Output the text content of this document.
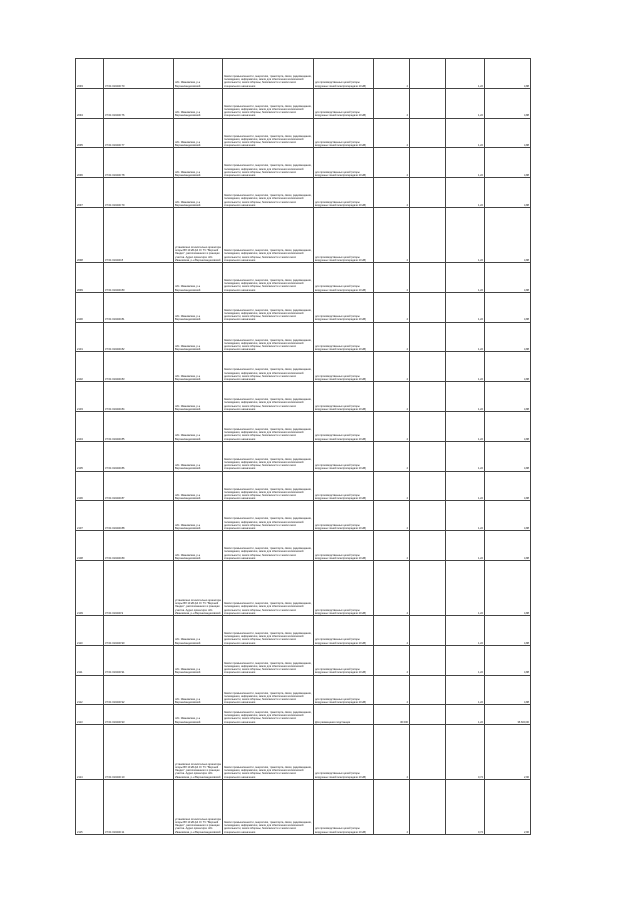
2093	37:01:010446:70	обл. Ивановская, р-н Верхнеландеховский	Земли промышленности, энергетики, транспорта, связи, радиовещания, телевидения, информатики, земли для обеспечения космической деятельности, земли обороны, безопасности и земли иного специального назначения	для производственных целей (опоры воздушных линий электропередачи 10 кВ)	4		1,22	4,88
2094	37:01:010446:76	обл. Ивановская, р-н Верхнеландеховский	Земли промышленности, энергетики, транспорта, связи, радиовещания, телевидения, информатики, земли для обеспечения космической деятельности, земли обороны, безопасности и земли иного специального назначения	для производственных целей (опоры воздушных линий электропередачи 10 кВ)	4		1,22	4,88
2095	37:01:010446:77	обл. Ивановская, р-н Верхнеландеховский	Земли промышленности, энергетики, транспорта, связи, радиовещания, телевидения, информатики, земли для обеспечения космической деятельности, земли обороны, безопасности и земли иного специального назначения	для производственных целей (опоры воздушных линий электропередачи 10 кВ)	4		1,22	4,88
2096	37:01:010446:78	обл. Ивановская, р-н Верхнеландеховский	Земли промышленности, энергетики, транспорта, связи, радиовещания, телевидения, информатики, земли для обеспечения космической деятельности, земли обороны, безопасности и земли иного специального назначения	для производственных целей (опоры воздушных линий электропередачи 10 кВ)	4		1,22	4,88
2097	37:01:010446:79	обл. Ивановская, р-н Верхнеландеховский	Земли промышленности, энергетики, транспорта, связи, радиовещания, телевидения, информатики, земли для обеспечения космической деятельности, земли обороны, безопасности и земли иного специального назначения	для производственных целей (опоры воздушных линий электропередачи 10 кВ)	4		1,22	4,88
2098	37:01:010446:8	установлено относительно ориентира опоры ВЛ 10 кВ ф4 От ТС "Верхний Ландех", расположенного в границах участка. Адрес ориентира: обл. Ивановская, р-н Верхнеландеховский	Земли промышленности, энергетики, транспорта, связи, радиовещания, телевидения, информатики, земли для обеспечения космической деятельности, земли обороны, безопасности и земли иного специального назначения	для производственных целей (опоры воздушных линий электропередачи 10 кВ)	4		1,22	4,88
2099	37:01:010446:80	обл. Ивановская, р-н Верхнеландеховский	Земли промышленности, энергетики, транспорта, связи, радиовещания, телевидения, информатики, земли для обеспечения космической деятельности, земли обороны, безопасности и земли иного специального назначения	для производственных целей (опоры воздушных линий электропередачи 10 кВ)	4		1,22	4,88
2100	37:01:010446:81	обл. Ивановская, р-н Верхнеландеховский	Земли промышленности, энергетики, транспорта, связи, радиовещания, телевидения, информатики, земли для обеспечения космической деятельности, земли обороны, безопасности и земли иного специального назначения	для производственных целей (опоры воздушных линий электропередачи 10 кВ)	4		1,22	4,88
2101	37:01:010446:82	обл. Ивановская, р-н Верхнеландеховский	Земли промышленности, энергетики, транспорта, связи, радиовещания, телевидения, информатики, земли для обеспечения космической деятельности, земли обороны, безопасности и земли иного специального назначения	для производственных целей (опоры воздушных линий электропередачи 10 кВ)	4		1,22	4,88
2102	37:01:010446:83	обл. Ивановская, р-н Верхнеландеховский	Земли промышленности, энергетики, транспорта, связи, радиовещания, телевидения, информатики, земли для обеспечения космической деятельности, земли обороны, безопасности и земли иного специального назначения	для производственных целей (опоры воздушных линий электропередачи 10 кВ)	4		1,22	4,88
2103	37:01:010446:84	обл. Ивановская, р-н Верхнеландеховский	Земли промышленности, энергетики, транспорта, связи, радиовещания, телевидения, информатики, земли для обеспечения космической деятельности, земли обороны, безопасности и земли иного специального назначения	для производственных целей (опоры воздушных линий электропередачи 10 кВ)	4		1,22	4,88
2104	37:01:010446:85	обл. Ивановская, р-н Верхнеландеховский	Земли промышленности, энергетики, транспорта, связи, радиовещания, телевидения, информатики, земли для обеспечения космической деятельности, земли обороны, безопасности и земли иного специального назначения	для производственных целей (опоры воздушных линий электропередачи 10 кВ)	4		1,22	4,88
2105	37:01:010446:86	обл. Ивановская, р-н Верхнеландеховский	Земли промышленности, энергетики, транспорта, связи, радиовещания, телевидения, информатики, земли для обеспечения космической деятельности, земли обороны, безопасности и земли иного специального назначения	для производственных целей (опоры воздушных линий электропередачи 10 кВ)	4		1,22	4,88
2106	37:01:010446:87	обл. Ивановская, р-н Верхнеландеховский	Земли промышленности, энергетики, транспорта, связи, радиовещания, телевидения, информатики, земли для обеспечения космической деятельности, земли обороны, безопасности и земли иного специального назначения	для производственных целей (опоры воздушных линий электропередачи 10 кВ)	4		1,22	4,88
2107	37:01:010446:88	обл. Ивановская, р-н Верхнеландеховский	Земли промышленности, энергетики, транспорта, связи, радиовещания, телевидения, информатики, земли для обеспечения космической деятельности, земли обороны, безопасности и земли иного специального назначения	для производственных целей (опоры воздушных линий электропередачи 10 кВ)	4		1,22	4,88
2108	37:01:010446:89	обл. Ивановская, р-н Верхнеландеховский	Земли промышленности, энергетики, транспорта, связи, радиовещания, телевидения, информатики, земли для обеспечения космической деятельности, земли обороны, безопасности и земли иного специального назначения	для производственных целей (опоры воздушных линий электропередачи 10 кВ)	4		1,22	4,88
2109	37:01:010446:9	установлено относительно ориентира опоры ВЛ 10 кВ ф4 От ТС "Верхний Ландех", расположенного в границах участка. Адрес ориентира: обл. Ивановская, р-н Верхнеландеховский	Земли промышленности, энергетики, транспорта, связи, радиовещания, телевидения, информатики, земли для обеспечения космической деятельности, земли обороны, безопасности и земли иного специального назначения	для производственных целей (опоры воздушных линий электропередачи 10 кВ)	4		1,22	4,88
2110	37:01:010446:90	обл. Ивановская, р-н Верхнеландеховский	Земли промышленности, энергетики, транспорта, связи, радиовещания, телевидения, информатики, земли для обеспечения космической деятельности, земли обороны, безопасности и земли иного специального назначения	для производственных целей (опоры воздушных линий электропередачи 10 кВ)	4		1,22	4,88
2111	37:01:010446:91	обл. Ивановская, р-н Верхнеландеховский	Земли промышленности, энергетики, транспорта, связи, радиовещания, телевидения, информатики, земли для обеспечения космической деятельности, земли обороны, безопасности и земли иного специального назначения	для производственных целей (опоры воздушных линий электропередачи 10 кВ)	4		1,22	4,88
2112	37:01:010446:92	обл. Ивановская, р-н Верхнеландеховский	Земли промышленности, энергетики, транспорта, связи, радиовещания, телевидения, информатики, земли для обеспечения космической деятельности, земли обороны, безопасности и земли иного специального назначения	для производственных целей (опоры воздушных линий электропередачи 10 кВ)	4		1,22	4,88
2113	37:01:010446:93	обл. Ивановская, р-н Верхнеландеховский	Земли промышленности, энергетики, транспорта, связи, радиовещания, телевидения, информатики, земли для обеспечения космической деятельности, земли обороны, безопасности и земли иного специального назначения	Для размещения подстанции	30 000		1,22	36 600,00
2114	37:01:010446:10	установлено относительно ориентира опоры ВЛ 10 кВ ф4 От ТС "Верхний Ландех", расположенного в границах участка. Адрес ориентира: обл. Ивановская, р-н Верхнеландеховский	Земли промышленности, энергетики, транспорта, связи, радиовещания, телевидения, информатики, земли для обеспечения космической деятельности, земли обороны, безопасности и земли иного специального назначения	для производственных целей (опоры воздушных линий электропередачи 10 кВ)	4		0,74	2,96
2115	37:01:010446:11	установлено относительно ориентира опоры ВЛ 10 кВ ф4 От ТС "Верхний Ландех", расположенного в границах участка. Адрес ориентира: обл. Ивановская, р-н Верхнеландеховский	Земли промышленности, энергетики, транспорта, связи, радиовещания, телевидения, информатики, земли для обеспечения космической деятельности, земли обороны, безопасности и земли иного специального назначения	для производственных целей (опоры воздушных линий электропередачи 10 кВ)	4		0,74	2,96
